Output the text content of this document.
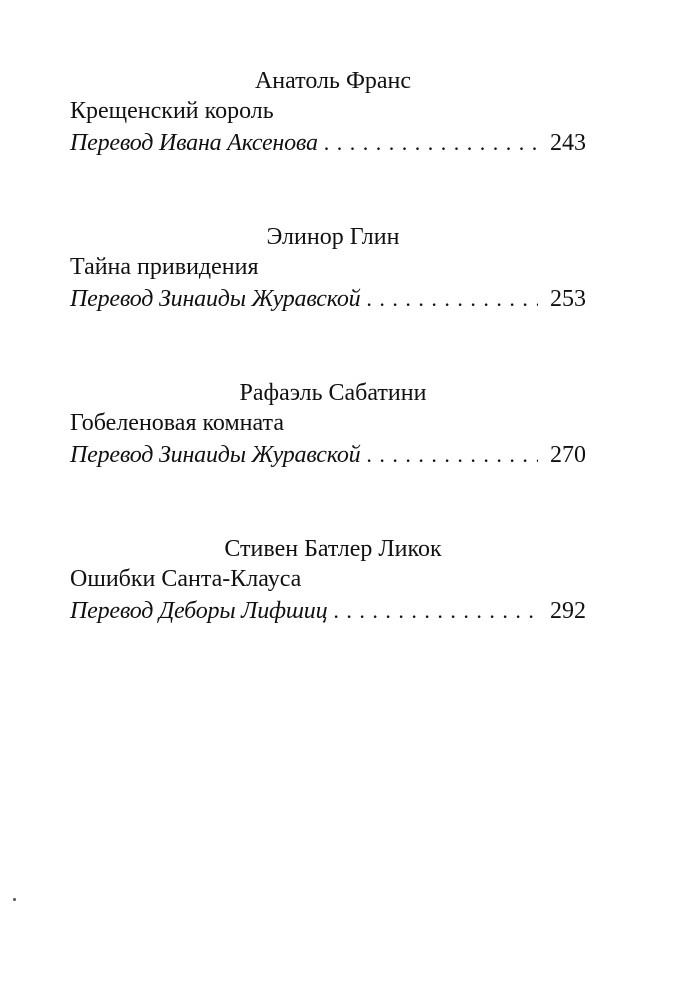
Анатоль Франс
Крещенский король
Перевод Ивана Аксенова . . .	243
Элинор Глин
Тайна привидения
Перевод Зинаиды Журавской . . .	253
Рафаэль Сабатини
Гобеленовая комната
Перевод Зинаиды Журавской . . .	270
Стивен Батлер Ликок
Ошибки Санта-Клауса
Перевод Деборы Лифшиц . . .	292
